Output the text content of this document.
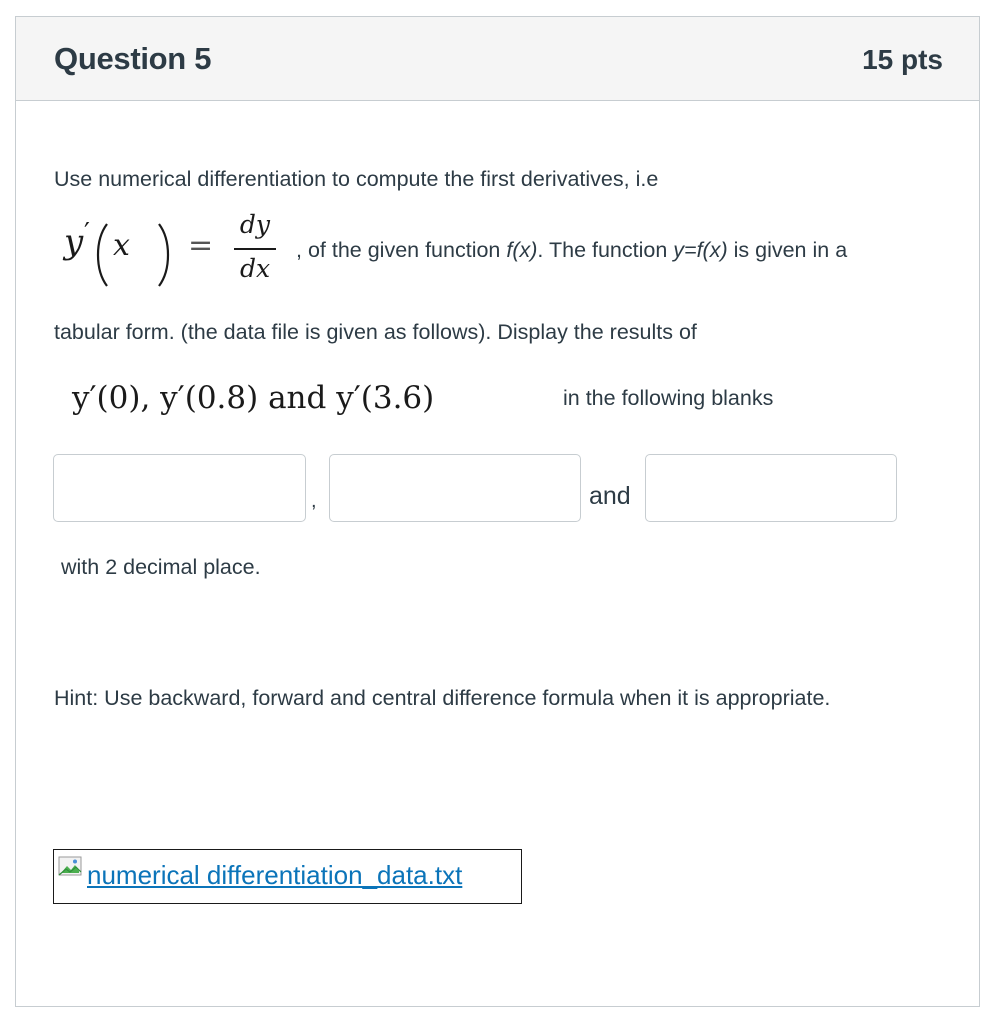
Question 5	15 pts
Use numerical differentiation to compute the first derivatives, i.e
y ′ x =
dy
dx
, of the given function f(x). The function y=f(x) is given in a
tabular form. (the data file is given as follows). Display the results of
y′(0), y′(0.8) and y′(3.6)	in the following blanks
,	and
with 2 decimal place.
Hint: Use backward, forward and central difference formula when it is appropriate.
numerical differentiation_data.txt
